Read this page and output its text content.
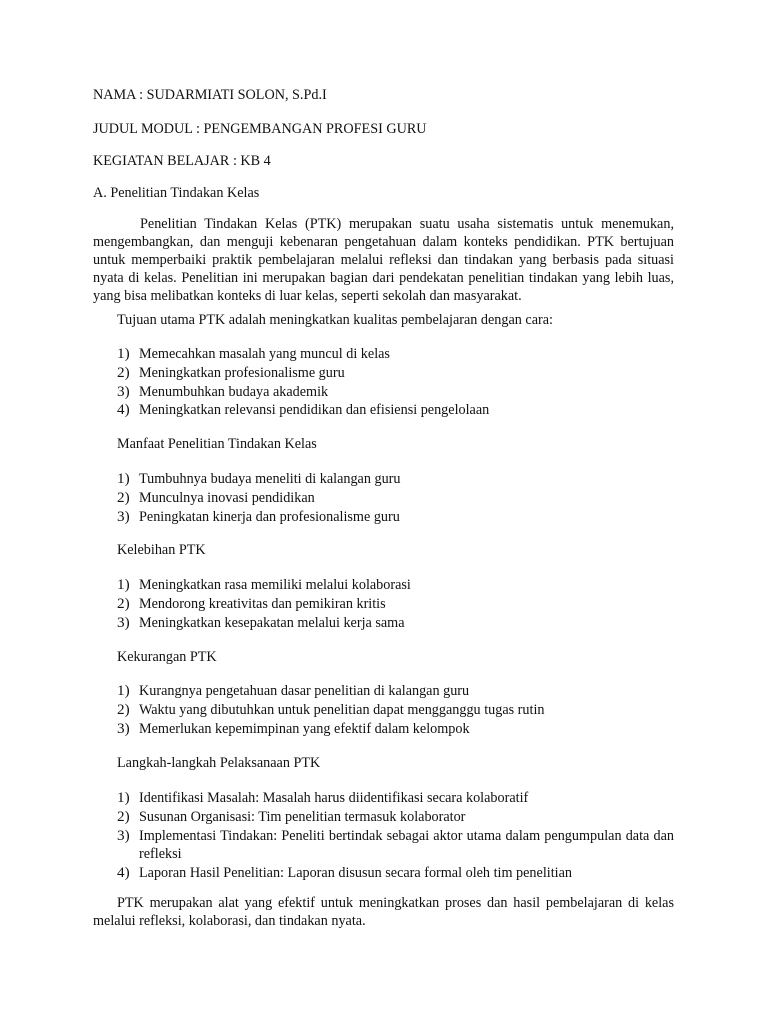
NAMA : SUDARMIATI SOLON, S.Pd.I

JUDUL MODUL : PENGEMBANGAN PROFESI GURU

KEGIATAN BELAJAR : KB 4

A. Penelitian Tindakan Kelas

Penelitian Tindakan Kelas (PTK) merupakan suatu usaha sistematis untuk menemukan, mengembangkan, dan menguji kebenaran pengetahuan dalam konteks pendidikan. PTK bertujuan untuk memperbaiki praktik pembelajaran melalui refleksi dan tindakan yang berbasis pada situasi nyata di kelas. Penelitian ini merupakan bagian dari pendekatan penelitian tindakan yang lebih luas, yang bisa melibatkan konteks di luar kelas, seperti sekolah dan masyarakat.

Tujuan utama PTK adalah meningkatkan kualitas pembelajaran dengan cara:

1) Memecahkan masalah yang muncul di kelas
2) Meningkatkan profesionalisme guru
3) Menumbuhkan budaya akademik
4) Meningkatkan relevansi pendidikan dan efisiensi pengelolaan

Manfaat Penelitian Tindakan Kelas

1) Tumbuhnya budaya meneliti di kalangan guru
2) Munculnya inovasi pendidikan
3) Peningkatan kinerja dan profesionalisme guru

Kelebihan PTK

1) Meningkatkan rasa memiliki melalui kolaborasi
2) Mendorong kreativitas dan pemikiran kritis
3) Meningkatkan kesepakatan melalui kerja sama

Kekurangan PTK

1) Kurangnya pengetahuan dasar penelitian di kalangan guru
2) Waktu yang dibutuhkan untuk penelitian dapat mengganggu tugas rutin
3) Memerlukan kepemimpinan yang efektif dalam kelompok

Langkah-langkah Pelaksanaan PTK

1) Identifikasi Masalah: Masalah harus diidentifikasi secara kolaboratif
2) Susunan Organisasi: Tim penelitian termasuk kolaborator
3) Implementasi Tindakan: Peneliti bertindak sebagai aktor utama dalam pengumpulan data dan refleksi
4) Laporan Hasil Penelitian: Laporan disusun secara formal oleh tim penelitian

PTK merupakan alat yang efektif untuk meningkatkan proses dan hasil pembelajaran di kelas melalui refleksi, kolaborasi, dan tindakan nyata.
